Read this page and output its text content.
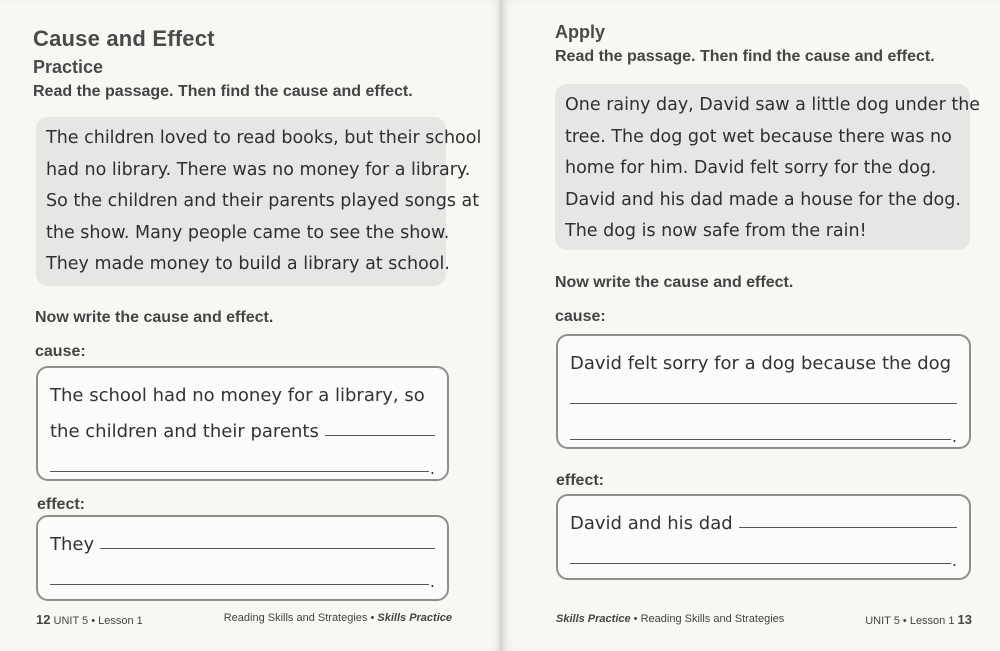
Cause and Effect
Practice
Read the passage. Then find the cause and effect.
The children loved to read books, but their school
had no library. There was no money for a library.
So the children and their parents played songs at
the show. Many people came to see the show.
They made money to build a library at school.
Now write the cause and effect.
cause:
The school had no money for a library, so
the children and their parents
.
effect:
They
.
12 UNIT 5 • Lesson 1	Reading Skills and Strategies • Skills Practice
Apply
Read the passage. Then find the cause and effect.
One rainy day, David saw a little dog under the
tree. The dog got wet because there was no
home for him. David felt sorry for the dog.
David and his dad made a house for the dog.
The dog is now safe from the rain!
Now write the cause and effect.
cause:
David felt sorry for a dog because the dog
.
effect:
David and his dad
.
Skills Practice • Reading Skills and Strategies	UNIT 5 • Lesson 1 13
